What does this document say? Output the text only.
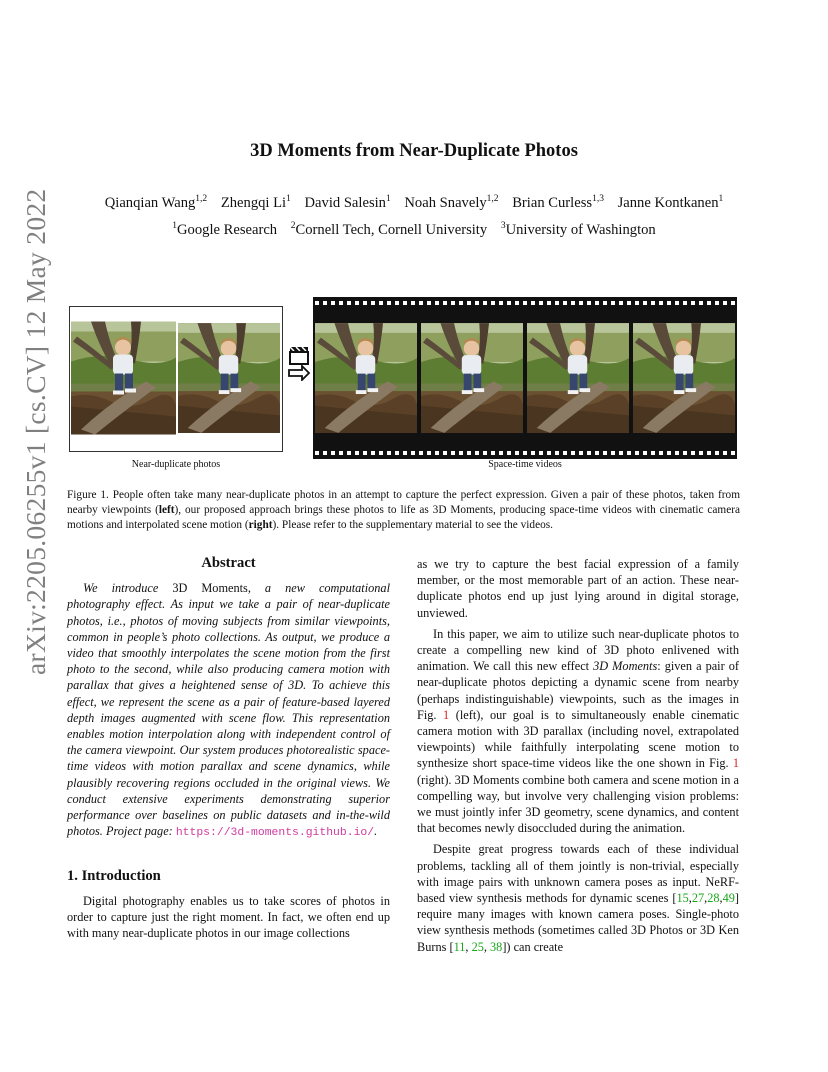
arXiv:2205.06255v1 [cs.CV] 12 May 2022
3D Moments from Near-Duplicate Photos
Qianqian Wang$^{1,2}$ Zhengqi Li$^1$ David Salesin$^1$ Noah Snavely$^{1,2}$ Brian Curless$^{1,3}$ Janne Kontkanen$^1$
$^1$Google Research $^2$Cornell Tech, Cornell University $^3$University of Washington
Near-duplicate photos	Space-time videos
Figure 1. People often take many near-duplicate photos in an attempt to capture the perfect expression. Given a pair of these photos, taken from nearby viewpoints (left), our proposed approach brings these photos to life as 3D Moments, producing space-time videos with cinematic camera motions and interpolated scene motion (right). Please refer to the supplementary material to see the videos.
Abstract

We introduce 3D Moments, a new computational photography effect. As input we take a pair of near-duplicate photos, i.e., photos of moving subjects from similar viewpoints, common in people’s photo collections. As output, we produce a video that smoothly interpolates the scene motion from the first photo to the second, while also producing camera motion with parallax that gives a heightened sense of 3D. To achieve this effect, we represent the scene as a pair of feature-based layered depth images augmented with scene flow. This representation enables motion interpolation along with independent control of the camera viewpoint. Our system produces photorealistic space-time videos with motion parallax and scene dynamics, while plausibly recovering regions occluded in the original views. We conduct extensive experiments demonstrating superior performance over baselines on public datasets and in-the-wild photos. Project page: https://3d-moments.github.io/.

1. Introduction

Digital photography enables us to take scores of photos in order to capture just the right moment. In fact, we often end up with many near-duplicate photos in our image collections

as we try to capture the best facial expression of a family member, or the most memorable part of an action. These near-duplicate photos end up just lying around in digital storage, unviewed.

In this paper, we aim to utilize such near-duplicate photos to create a compelling new kind of 3D photo enlivened with animation. We call this new effect 3D Moments: given a pair of near-duplicate photos depicting a dynamic scene from nearby (perhaps indistinguishable) viewpoints, such as the images in Fig. 1 (left), our goal is to simultaneously enable cinematic camera motion with 3D parallax (including novel, extrapolated viewpoints) while faithfully interpolating scene motion to synthesize short space-time videos like the one shown in Fig. 1 (right). 3D Moments combine both camera and scene motion in a compelling way, but involve very challenging vision problems: we must jointly infer 3D geometry, scene dynamics, and content that becomes newly disoccluded during the animation.

Despite great progress towards each of these individual problems, tackling all of them jointly is non-trivial, especially with image pairs with unknown camera poses as input. NeRF-based view synthesis methods for dynamic scenes [15,27,28,49] require many images with known camera poses. Single-photo view synthesis methods (sometimes called 3D Photos or 3D Ken Burns [11, 25, 38]) can create
